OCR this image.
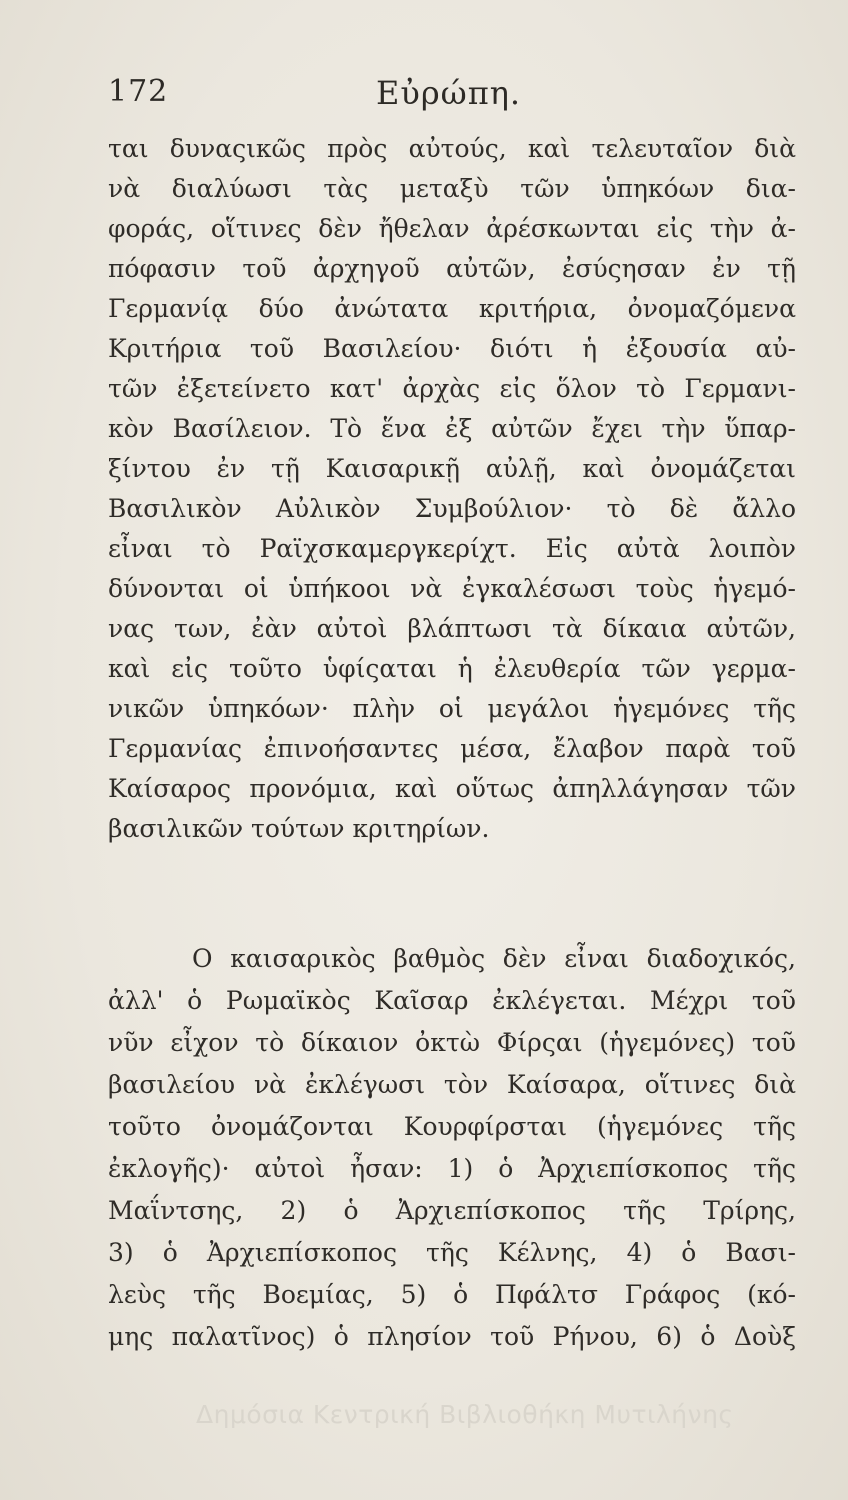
172	Εὐρώπη.
ται δυναςικῶς πρὸς αὐτούς, καὶ τελευταῖον διὰ
νὰ διαλύωσι τὰς μεταξὺ τῶν ὑπηκόων δια-
φοράς, οἵτινες δὲν ἤθελαν ἀρέσκωνται εἰς τὴν ἀ-
πόφασιν τοῦ ἀρχηγοῦ αὐτῶν, ἐσύςησαν ἐν τῇ
Γερμανίᾳ δύο ἀνώτατα κριτήρια, ὀνομαζόμενα
Κριτήρια τοῦ Βασιλείου· διότι ἡ ἐξουσία αὐ-
τῶν ἐξετείνετο κατ' ἀρχὰς εἰς ὅλον τὸ Γερμανι-
κὸν Βασίλειον. Τὸ ἕνα ἐξ αὐτῶν ἔχει τὴν ὕπαρ-
ξίντου ἐν τῇ Καισαρικῇ αὐλῇ, καὶ ὀνομάζεται
Βασιλικὸν Αὐλικὸν Συμβούλιον· τὸ δὲ ἄλλο
εἶναι τὸ Ραϊχσκαμεργκερίχτ. Εἰς αὐτὰ λοιπὸν
δύνονται οἱ ὑπήκοοι νὰ ἐγκαλέσωσι τοὺς ἡγεμό-
νας των, ἐὰν αὐτοὶ βλάπτωσι τὰ δίκαια αὐτῶν,
καὶ εἰς τοῦτο ὑφίςαται ἡ ἐλευθερία τῶν γερμα-
νικῶν ὑπηκόων· πλὴν οἱ μεγάλοι ἡγεμόνες τῆς
Γερμανίας ἐπινοήσαντες μέσα, ἔλαβον παρὰ τοῦ
Καίσαρος προνόμια, καὶ οὕτως ἀπηλλάγησαν τῶν
βασιλικῶν τούτων κριτηρίων.
Ο καισαρικὸς βαθμὸς δὲν εἶναι διαδοχικός,
ἀλλ' ὁ Ρωμαϊκὸς Καῖσαρ ἐκλέγεται. Μέχρι τοῦ
νῦν εἶχον τὸ δίκαιον ὀκτὼ Φίρςαι (ἡγεμόνες) τοῦ
βασιλείου νὰ ἐκλέγωσι τὸν Καίσαρα, οἵτινες διὰ
τοῦτο ὀνομάζονται Κουρφίρσται (ἡγεμόνες τῆς
ἐκλογῆς)· αὐτοὶ ἦσαν: 1) ὁ Ἀρχιεπίσκοπος τῆς
Μαΐντσης, 2) ὁ Ἀρχιεπίσκοπος τῆς Τρίρης,
3) ὁ Ἀρχιεπίσκοπος τῆς Κέλνης, 4) ὁ Βασι-
λεὺς τῆς Βοεμίας, 5) ὁ Πφάλτσ Γράφος (κό-
μης παλατῖνος) ὁ πλησίον τοῦ Ρήνου, 6) ὁ Δοὺξ
Δημόσια Κεντρική Βιβλιοθήκη Μυτιλήνης
